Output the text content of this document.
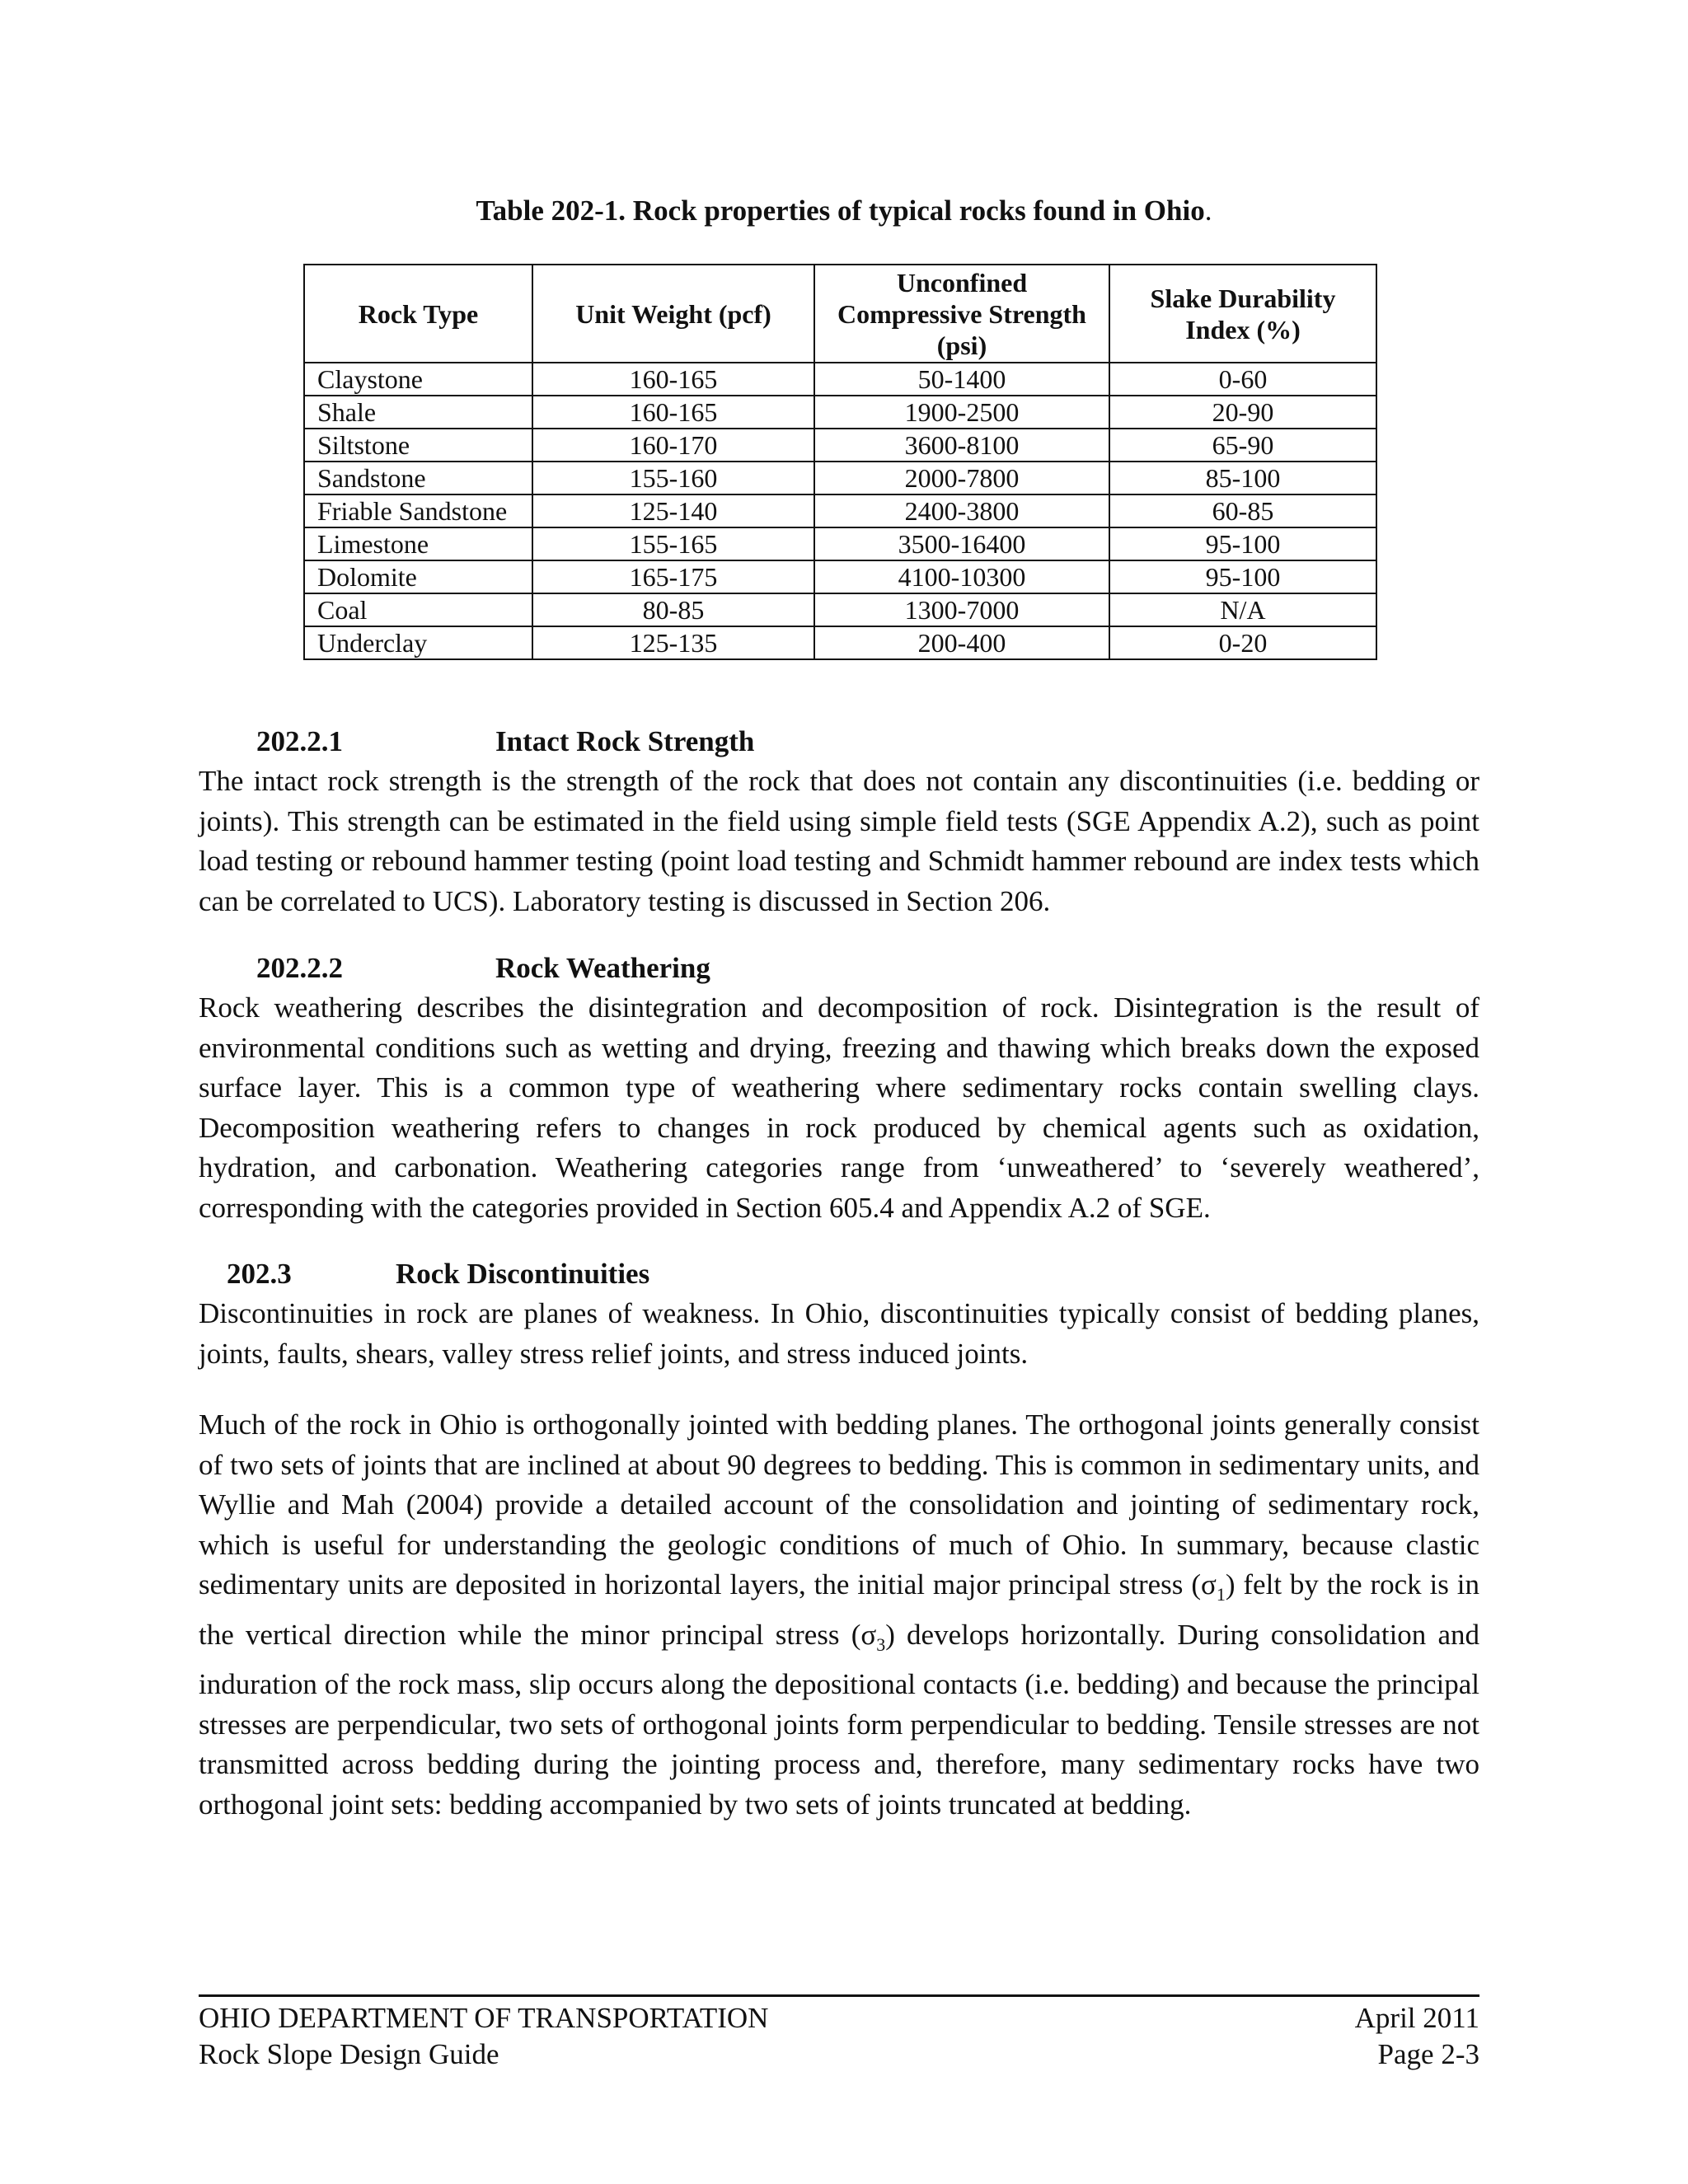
Table 202-1. Rock properties of typical rocks found in Ohio.
Rock Type	Unit Weight (pcf)	Unconfined Compressive Strength (psi)	Slake Durability Index (%)
Claystone	160-165	50-1400	0-60
Shale	160-165	1900-2500	20-90
Siltstone	160-170	3600-8100	65-90
Sandstone	155-160	2000-7800	85-100
Friable Sandstone	125-140	2400-3800	60-85
Limestone	155-165	3500-16400	95-100
Dolomite	165-175	4100-10300	95-100
Coal	80-85	1300-7000	N/A
Underclay	125-135	200-400	0-20
202.2.1	Intact Rock Strength

The intact rock strength is the strength of the rock that does not contain any discontinuities (i.e. bedding or joints). This strength can be estimated in the field using simple field tests (SGE Appendix A.2), such as point load testing or rebound hammer testing (point load testing and Schmidt hammer rebound are index tests which can be correlated to UCS). Laboratory testing is discussed in Section 206.

202.2.2	Rock Weathering

Rock weathering describes the disintegration and decomposition of rock. Disintegration is the result of environmental conditions such as wetting and drying, freezing and thawing which breaks down the exposed surface layer. This is a common type of weathering where sedimentary rocks contain swelling clays. Decomposition weathering refers to changes in rock produced by chemical agents such as oxidation, hydration, and carbonation. Weathering categories range from ‘unweathered’ to ‘severely weathered’, corresponding with the categories provided in Section 605.4 and Appendix A.2 of SGE.

202.3	Rock Discontinuities

Discontinuities in rock are planes of weakness. In Ohio, discontinuities typically consist of bedding planes, joints, faults, shears, valley stress relief joints, and stress induced joints.

Much of the rock in Ohio is orthogonally jointed with bedding planes. The orthogonal joints generally consist of two sets of joints that are inclined at about 90 degrees to bedding. This is common in sedimentary units, and Wyllie and Mah (2004) provide a detailed account of the consolidation and jointing of sedimentary rock, which is useful for understanding the geologic conditions of much of Ohio. In summary, because clastic sedimentary units are deposited in horizontal layers, the initial major principal stress $(\sigma_1)$ felt by the rock is in the vertical direction while the minor principal stress $(\sigma_3)$ develops horizontally. During consolidation and induration of the rock mass, slip occurs along the depositional contacts (i.e. bedding) and because the principal stresses are perpendicular, two sets of orthogonal joints form perpendicular to bedding. Tensile stresses are not transmitted across bedding during the jointing process and, therefore, many sedimentary rocks have two orthogonal joint sets: bedding accompanied by two sets of joints truncated at bedding.

OHIO DEPARTMENT OF TRANSPORTATION
Rock Slope Design Guide
April 2011
Page 2-3
